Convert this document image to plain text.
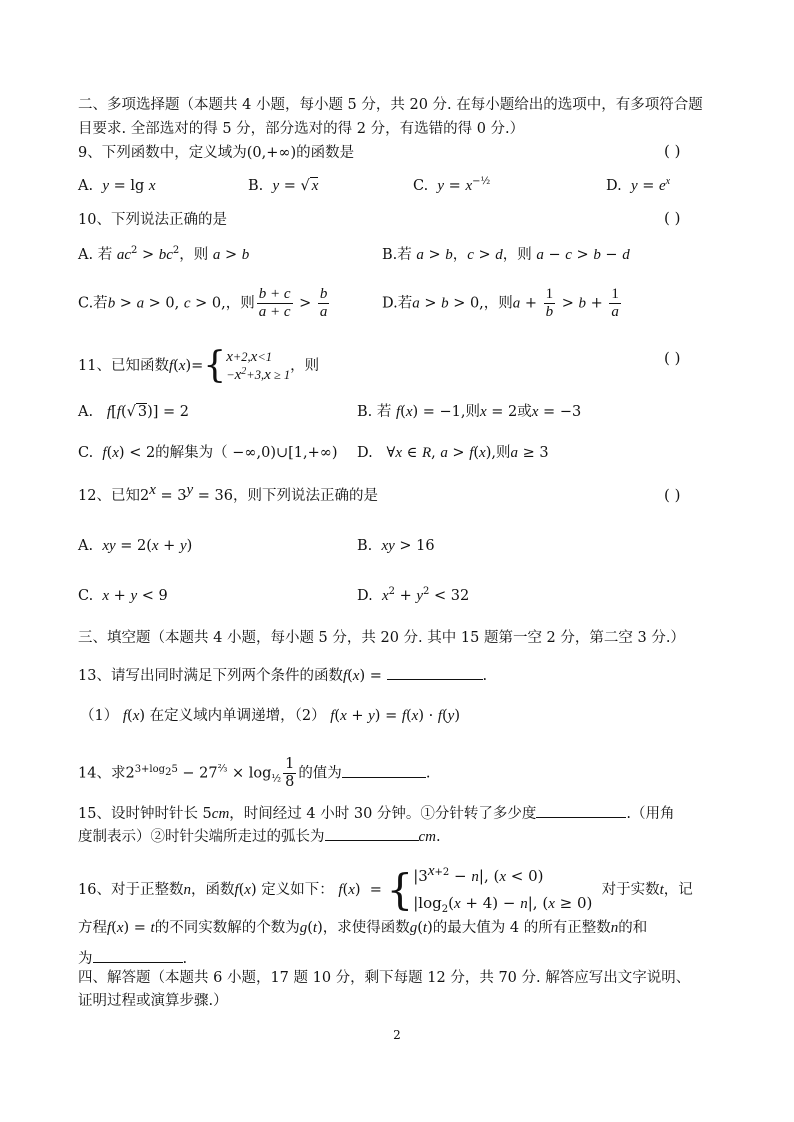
二、多项选择题（本题共 4 小题，每小题 5 分，共 20 分. 在每小题给出的选项中，有多项符合题
目要求. 全部选对的得 5 分，部分选对的得 2 分，有选错的得 0 分.）
9、下列函数中，定义域为(0,+∞)的函数是	( )
A. y = lg x	B. y = √ x	C. $y = x^{-\frac{1}{2}}$	D. $y = e^x$
10、下列说法正确的是	( )
A. 若 $ac^2 > bc^2$，则 a > b	B.若 a > b，c > d，则 a − c > b − d
C.若b > a > 0, c > 0,，则 $\frac{b + c}{a + c} > \frac{b}{a}$	D.若a > b > 0,，则$a + \frac{1}{b} > b + \frac{1}{a}$
11、已知函数f(x)={ x+2,x<1
$-x^2+3,x \ge 1$
，则	( )
A. f[f(√ 3)] = 2	B. 若 f(x) = −1,则x = 2或x = −3
C. f(x) < 2的解集为（ −∞,0)∪[1,+∞) D.   ∀x ∈ R, a > f(x),则a ≥ 3
12、已知$2^x = 3^y = 36$，则下列说法正确的是	( )
A. xy = 2(x + y)	B. xy > 16
C. x + y < 9	D. $x^2 + y^2 < 32$
三、填空题（本题共 4 小题，每小题 5 分，共 20 分. 其中 15 题第一空 2 分，第二空 3 分.）
13、请写出同时满足下列两个条件的函数f(x) =	.
（1） f(x) 在定义域内单调递增，（2） f(x + y) = f(x) · f(y)
14、求$2^{3+log_25} - 27^{\frac{2}{3}} \times \log_{\frac{1}{2}} \frac{1}{8}$ 的值为	.
15、设时钟时针长 5cm，时间经过 4 小时 30 分钟。①分针转了多少度	.（用角
度制表示）②时针尖端所走过的弧长为	cm.
16、对于正整数n，函数f(x) 定义如下： f(x)  = { $|3^{x+2} - n|$, (x < 0)
$|\log_2(x + 4) - n|$, (x ≥ 0)
对于实数t，记
方程f(x) = t的不同实数解的个数为g(t)，求使得函数g(t)的最大值为 4 的所有正整数n的和
为	.
四、解答题（本题共 6 小题，17 题 10 分，剩下每题 12 分，共 70 分. 解答应写出文字说明、
证明过程或演算步骤.）
2
